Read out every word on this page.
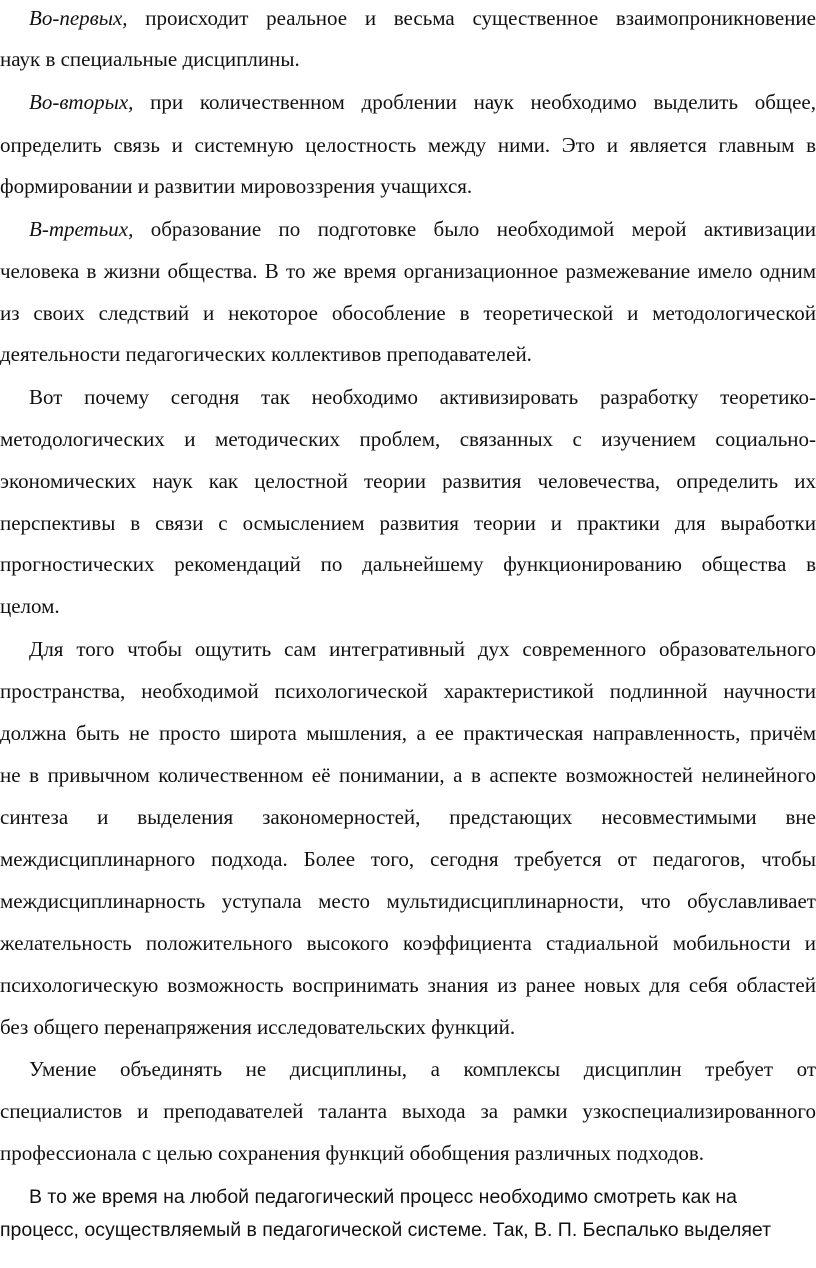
Во-первых, происходит реальное и весьма существенное взаимопроникновение
наук в специальные дисциплины.
Во-вторых, при количественном дроблении наук необходимо выделить общее,
определить связь и системную целостность между ними. Это и является главным в
формировании и развитии мировоззрения учащихся.
В-третьих, образование по подготовке было необходимой мерой активизации
человека в жизни общества. В то же время организационное размежевание имело одним
из своих следствий и некоторое обособление в теоретической и методологической
деятельности педагогических коллективов преподавателей.
Вот почему сегодня так необходимо активизировать разработку теоретико-
методологических и методических проблем, связанных с изучением социально-
экономических наук как целостной теории развития человечества, определить их
перспективы в связи с осмыслением развития теории и практики для выработки
прогностических рекомендаций по дальнейшему функционированию общества в
целом.
Для того чтобы ощутить сам интегративный дух современного образовательного
пространства, необходимой психологической характеристикой подлинной научности
должна быть не просто широта мышления, а ее практическая направленность, причём
не в привычном количественном её понимании, а в аспекте возможностей нелинейного
синтеза и выделения закономерностей, предстающих несовместимыми вне
междисциплинарного подхода. Более того, сегодня требуется от педагогов, чтобы
междисциплинарность уступала место мультидисциплинарности, что обуславливает
желательность положительного высокого коэффициента стадиальной мобильности и
психологическую возможность воспринимать знания из ранее новых для себя областей
без общего перенапряжения исследовательских функций.
Умение объединять не дисциплины, а комплексы дисциплин требует от
специалистов и преподавателей таланта выхода за рамки узкоспециализированного
профессионала с целью сохранения функций обобщения различных подходов.
В то же время на любой педагогический процесс необходимо смотреть как на
процесс, осуществляемый в педагогической системе. Так, В. П. Беспалько выделяет
